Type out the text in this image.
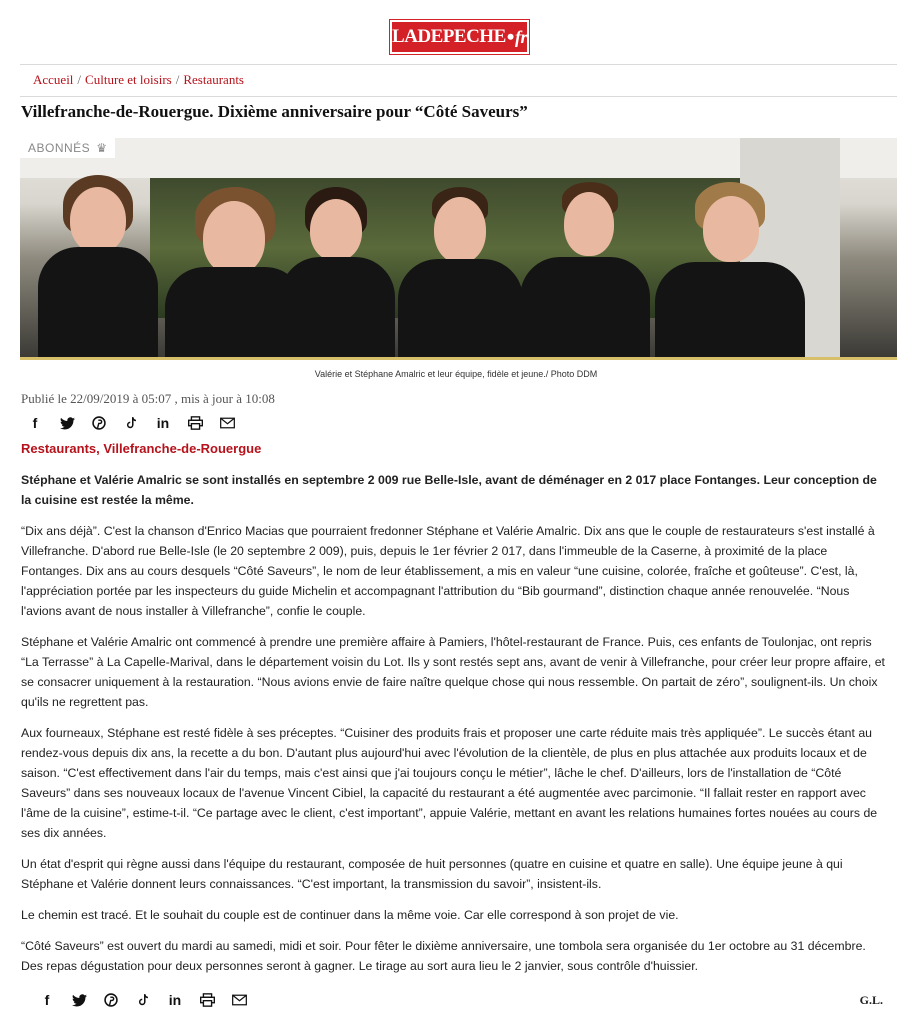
LADEPECHE • fr
Accueil / Culture et loisirs / Restaurants
Villefranche-de-Rouergue. Dixième anniversaire pour “Côté Saveurs”
ABONNÉS ♛
Valérie et Stéphane Amalric et leur équipe, fidèle et jeune./ Photo DDM
Publié le 22/09/2019 à 05:07 , mis à jour à 10:08
f	in
Restaurants, Villefranche-de-Rouergue

Stéphane et Valérie Amalric se sont installés en septembre 2 009 rue Belle-Isle, avant de déménager en 2 017 place Fontanges. Leur conception de la cuisine est restée la même.

“Dix ans déjà”. C'est la chanson d'Enrico Macias que pourraient fredonner Stéphane et Valérie Amalric. Dix ans que le couple de restaurateurs s'est installé à Villefranche. D'abord rue Belle-Isle (le 20 septembre 2 009), puis, depuis le 1er février 2 017, dans l'immeuble de la Caserne, à proximité de la place Fontanges. Dix ans au cours desquels “Côté Saveurs”, le nom de leur établissement, a mis en valeur “une cuisine, colorée, fraîche et goûteuse”. C'est, là, l'appréciation portée par les inspecteurs du guide Michelin et accompagnant l'attribution du “Bib gourmand”, distinction chaque année renouvelée. “Nous l'avions avant de nous installer à Villefranche”, confie le couple.

Stéphane et Valérie Amalric ont commencé à prendre une première affaire à Pamiers, l'hôtel-restaurant de France. Puis, ces enfants de Toulonjac, ont repris “La Terrasse” à La Capelle-Marival, dans le département voisin du Lot. Ils y sont restés sept ans, avant de venir à Villefranche, pour créer leur propre affaire, et se consacrer uniquement à la restauration. “Nous avions envie de faire naître quelque chose qui nous ressemble. On partait de zéro”, soulignent-ils. Un choix qu'ils ne regrettent pas.

Aux fourneaux, Stéphane est resté fidèle à ses préceptes. “Cuisiner des produits frais et proposer une carte réduite mais très appliquée”. Le succès étant au rendez-vous depuis dix ans, la recette a du bon. D'autant plus aujourd'hui avec l'évolution de la clientèle, de plus en plus attachée aux produits locaux et de saison. “C'est effectivement dans l'air du temps, mais c'est ainsi que j'ai toujours conçu le métier”, lâche le chef. D'ailleurs, lors de l'installation de “Côté Saveurs” dans ses nouveaux locaux de l'avenue Vincent Cibiel, la capacité du restaurant a été augmentée avec parcimonie. “Il fallait rester en rapport avec l'âme de la cuisine”, estime-t-il. “Ce partage avec le client, c'est important”, appuie Valérie, mettant en avant les relations humaines fortes nouées au cours de ses dix années.

Un état d'esprit qui règne aussi dans l'équipe du restaurant, composée de huit personnes (quatre en cuisine et quatre en salle). Une équipe jeune à qui Stéphane et Valérie donnent leurs connaissances. “C'est important, la transmission du savoir”, insistent-ils.

Le chemin est tracé. Et le souhait du couple est de continuer dans la même voie. Car elle correspond à son projet de vie.

“Côté Saveurs” est ouvert du mardi au samedi, midi et soir. Pour fêter le dixième anniversaire, une tombola sera organisée du 1er octobre au 31 décembre. Des repas dégustation pour deux personnes seront à gagner. Le tirage au sort aura lieu le 2 janvier, sous contrôle d'huissier.

f	in	G.L.
